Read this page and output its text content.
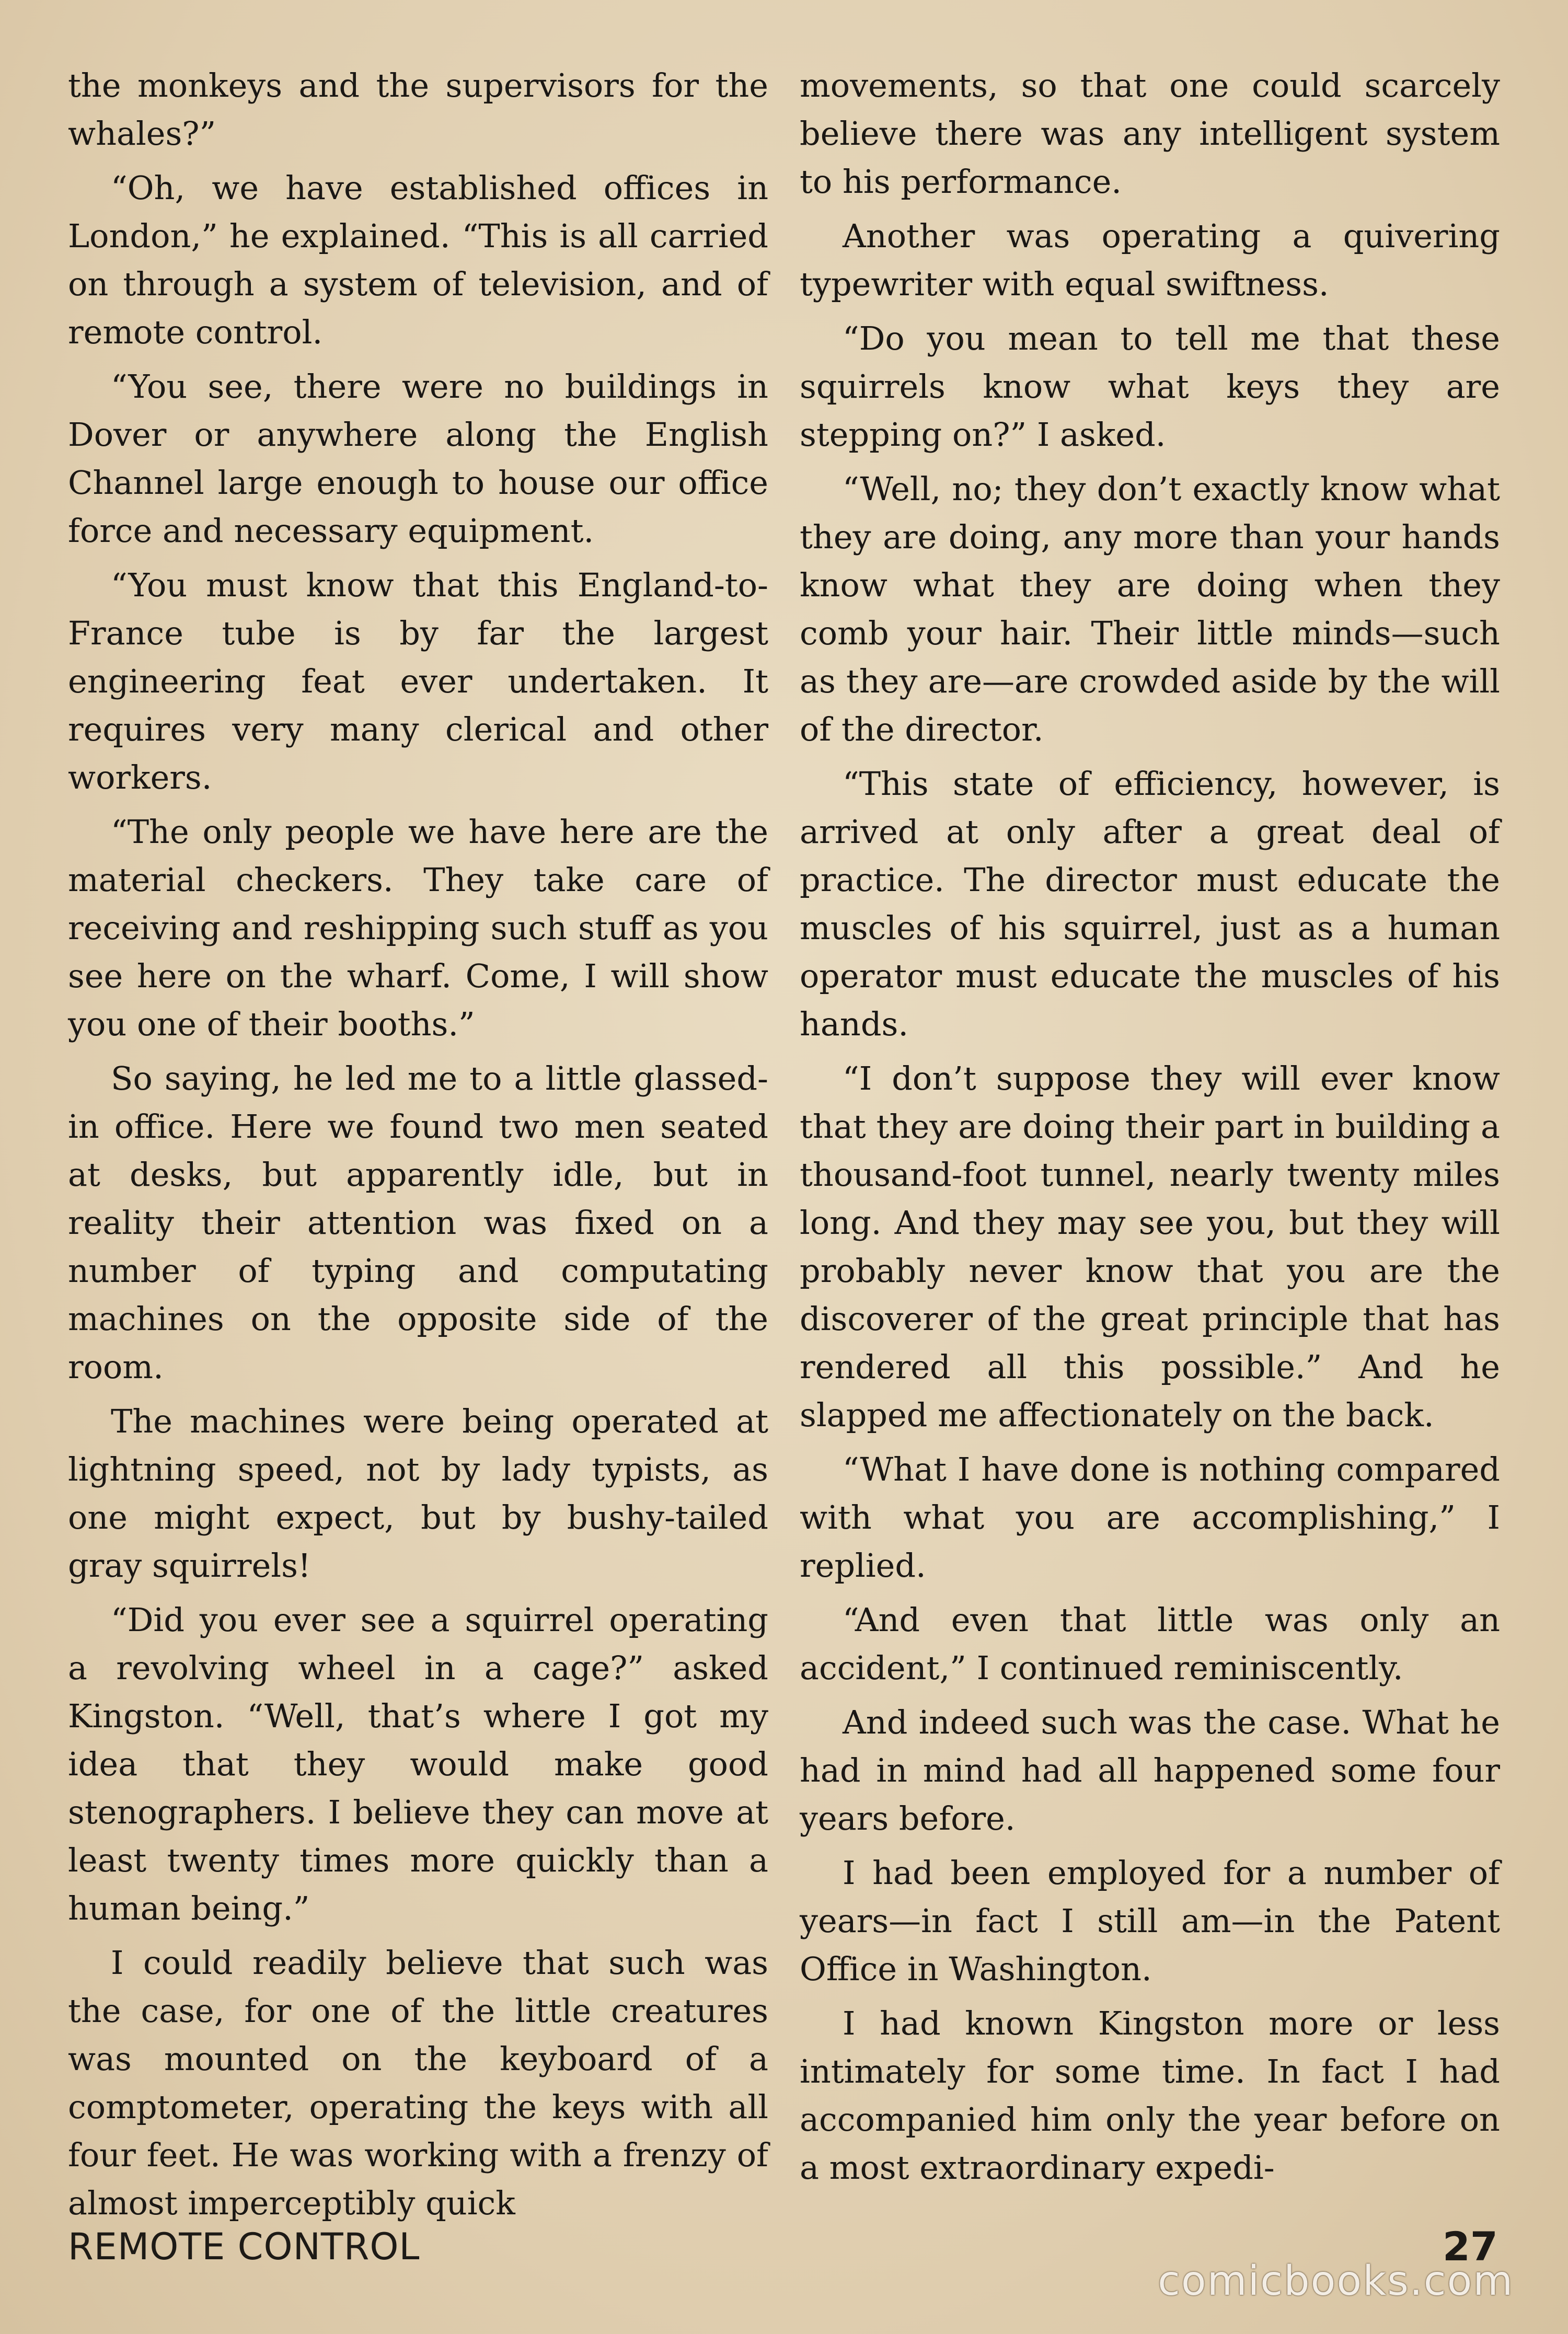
the monkeys and the supervisors for the whales?”

“Oh, we have established offices in London,” he explained. “This is all carried on through a system of television, and of remote control.

“You see, there were no buildings in Dover or anywhere along the English Channel large enough to house our office force and necessary equipment.

“You must know that this England-to-France tube is by far the largest engineering feat ever undertaken. It requires very many clerical and other workers.

“The only people we have here are the material checkers. They take care of receiving and reshipping such stuff as you see here on the wharf. Come, I will show you one of their booths.”

So saying, he led me to a little glassed-in office. Here we found two men seated at desks, but apparently idle, but in reality their attention was fixed on a number of typing and computating machines on the opposite side of the room.

The machines were being operated at lightning speed, not by lady typists, as one might expect, but by bushy-tailed gray squirrels!

“Did you ever see a squirrel operating a revolving wheel in a cage?” asked Kingston. “Well, that’s where I got my idea that they would make good stenographers. I believe they can move at least twenty times more quickly than a human being.”

I could readily believe that such was the case, for one of the little creatures was mounted on the keyboard of a comptometer, operating the keys with all four feet. He was working with a frenzy of almost imperceptibly quick

movements, so that one could scarcely believe there was any intelligent system to his performance.

Another was operating a quivering typewriter with equal swiftness.

“Do you mean to tell me that these squirrels know what keys they are stepping on?” I asked.

“Well, no; they don’t exactly know what they are doing, any more than your hands know what they are doing when they comb your hair. Their little minds—such as they are—are crowded aside by the will of the director.

“This state of efficiency, however, is arrived at only after a great deal of practice. The director must educate the muscles of his squirrel, just as a human operator must educate the muscles of his hands.

“I don’t suppose they will ever know that they are doing their part in building a thousand-foot tunnel, nearly twenty miles long. And they may see you, but they will probably never know that you are the discoverer of the great principle that has rendered all this possible.” And he slapped me affectionately on the back.

“What I have done is nothing compared with what you are accomplishing,” I replied.

“And even that little was only an accident,” I continued reminiscently.

And indeed such was the case. What he had in mind had all happened some four years before.

I had been employed for a number of years—in fact I still am—in the Patent Office in Washington.

I had known Kingston more or less intimately for some time. In fact I had accompanied him only the year before on a most extraordinary expedi-

REMOTE CONTROL	27
comicbooks.com
